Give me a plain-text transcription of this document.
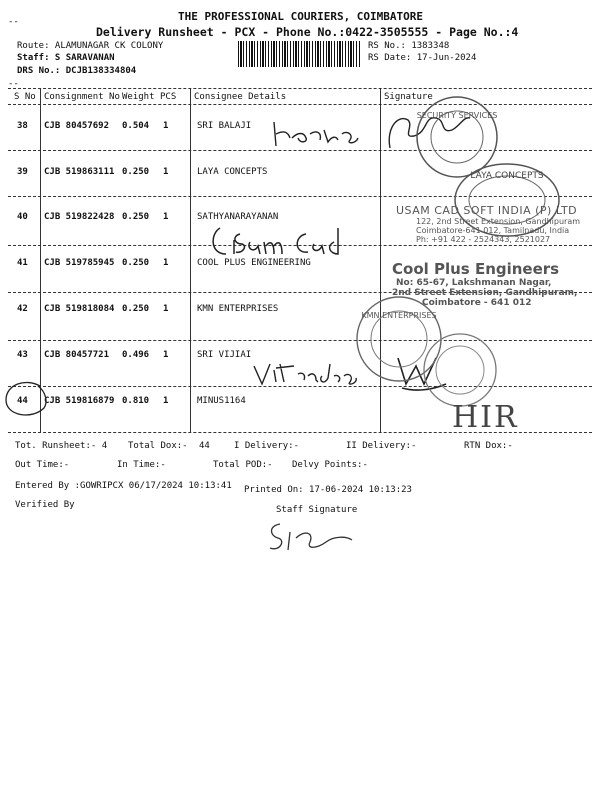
THE PROFESSIONAL COURIERS, COIMBATORE
Delivery Runsheet - PCX - Phone No.:0422-3505555 - Page No.:4
Route: ALAMUNAGAR CK COLONY
Staff: S SARAVANAN
DRS No.: DCJB138334804
RS No.: 1383348
RS Date: 17-Jun-2024
--
--
S No Consignment No Weight PCS Consignee Details	Signature
38 CJB 80457692 0.504 1	SRI BALAJI
39 CJB 519863111 0.250 1	LAYA CONCEPTS
40 CJB 519822428 0.250 1	SATHYANARAYANAN
41 CJB 519785945 0.250 1	COOL PLUS ENGINEERING
42 CJB 519818084 0.250 1	KMN ENTERPRISES
43 CJB 80457721 0.496 1	SRI VIJIAI
44 CJB 519816879 0.810 1	MINUS1164
SECURITY SERVICES
LAYA CONCEPTS
USAM CAD SOFT INDIA (P) LTD
122, 2nd Street Extension, Gandhipuram
Coimbatore-641 012, Tamilnadu, India
Ph: +91 422 - 2524343, 2521027
Cool Plus Engineers
No: 65-67, Lakshmanan Nagar,
2nd Street Extension, Gandhipuram,
Coimbatore - 641 012
KMN ENTERPRISES
HIR
Tot. Runsheet:- 4 Total Dox:- 44	I Delivery:-	II Delivery:-	RTN Dox:-
Out Time:-	In Time:-	Total POD:- Delvy Points:-
Entered By :GOWRIPCX 06/17/2024 10:13:41 Printed On: 17-06-2024 10:13:23
Verified By	Staff Signature
